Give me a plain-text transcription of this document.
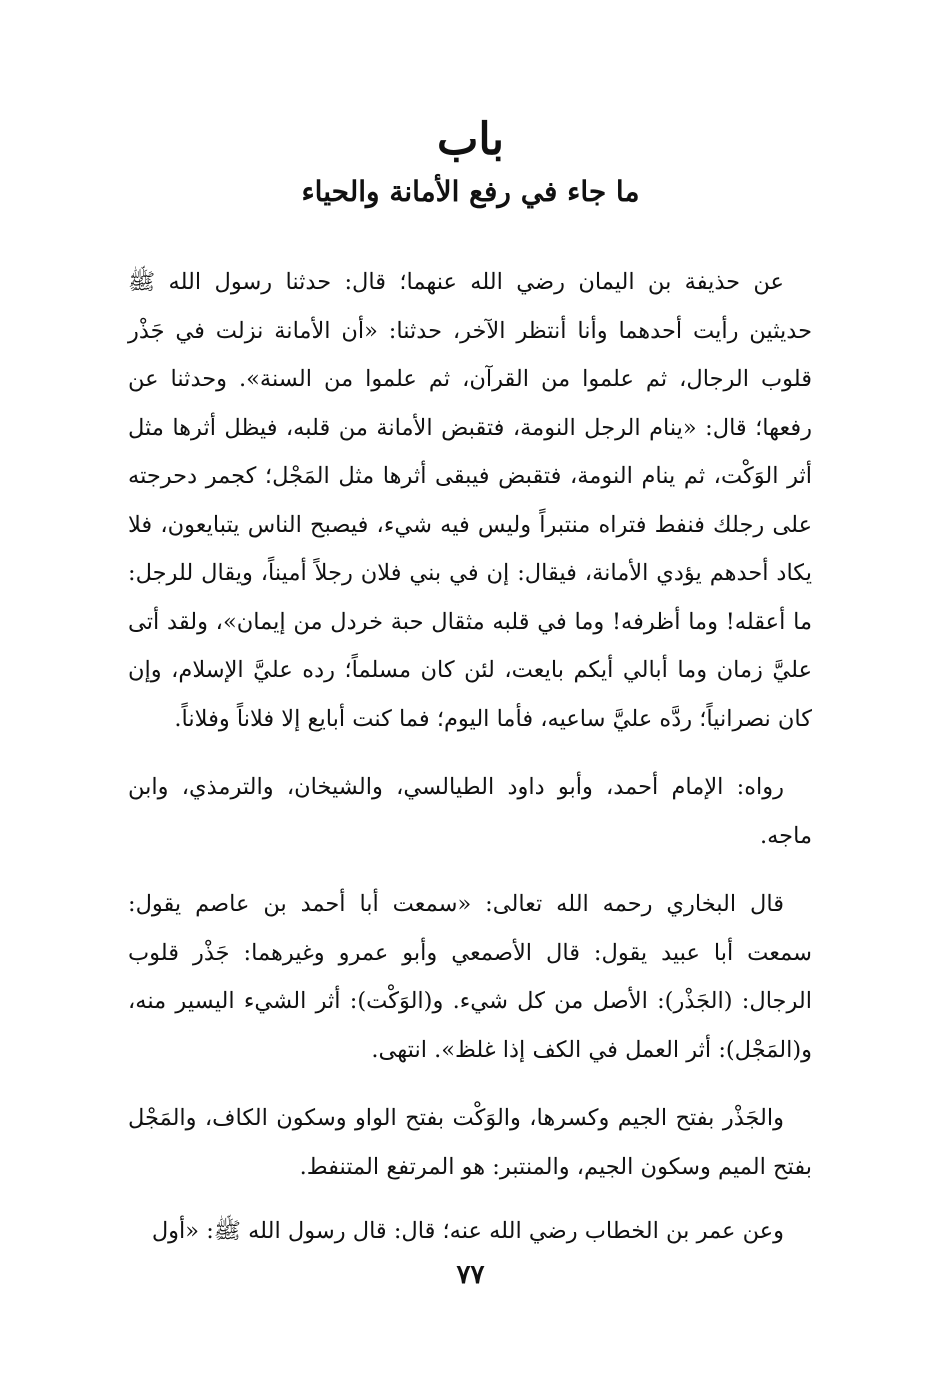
باب
ما جاء في رفع الأمانة والحياء

عن حذيفة بن اليمان رضي الله عنهما؛ قال: حدثنا رسول الله ﷺ حديثين رأيت أحدهما وأنا أنتظر الآخر، حدثنا: «أن الأمانة نزلت في جَذْر قلوب الرجال، ثم علموا من القرآن، ثم علموا من السنة». وحدثنا عن رفعها؛ قال: «ينام الرجل النومة، فتقبض الأمانة من قلبه، فيظل أثرها مثل أثر الوَكْت، ثم ينام النومة، فتقبض فيبقى أثرها مثل المَجْل؛ كجمر دحرجته على رجلك فنفط فتراه منتبراً وليس فيه شيء، فيصبح الناس يتبايعون، فلا يكاد أحدهم يؤدي الأمانة، فيقال: إن في بني فلان رجلاً أميناً، ويقال للرجل: ما أعقله! وما أظرفه! وما في قلبه مثقال حبة خردل من إيمان»، ولقد أتى عليَّ زمان وما أبالي أيكم بايعت، لئن كان مسلماً؛ رده عليَّ الإسلام، وإن كان نصرانياً؛ ردَّه عليَّ ساعيه، فأما اليوم؛ فما كنت أبايع إلا فلاناً وفلاناً.

رواه: الإمام أحمد، وأبو داود الطيالسي، والشيخان، والترمذي، وابن ماجه.

قال البخاري رحمه الله تعالى: «سمعت أبا أحمد بن عاصم يقول: سمعت أبا عبيد يقول: قال الأصمعي وأبو عمرو وغيرهما: جَذْر قلوب الرجال: (الجَذْر): الأصل من كل شيء. و(الوَكْت): أثر الشيء اليسير منه، و(المَجْل): أثر العمل في الكف إذا غلظ». انتهى.

والجَذْر بفتح الجيم وكسرها، والوَكْت بفتح الواو وسكون الكاف، والمَجْل بفتح الميم وسكون الجيم، والمنتبر: هو المرتفع المتنفط.

وعن عمر بن الخطاب رضي الله عنه؛ قال: قال رسول الله ﷺ: «أول

٧٧
